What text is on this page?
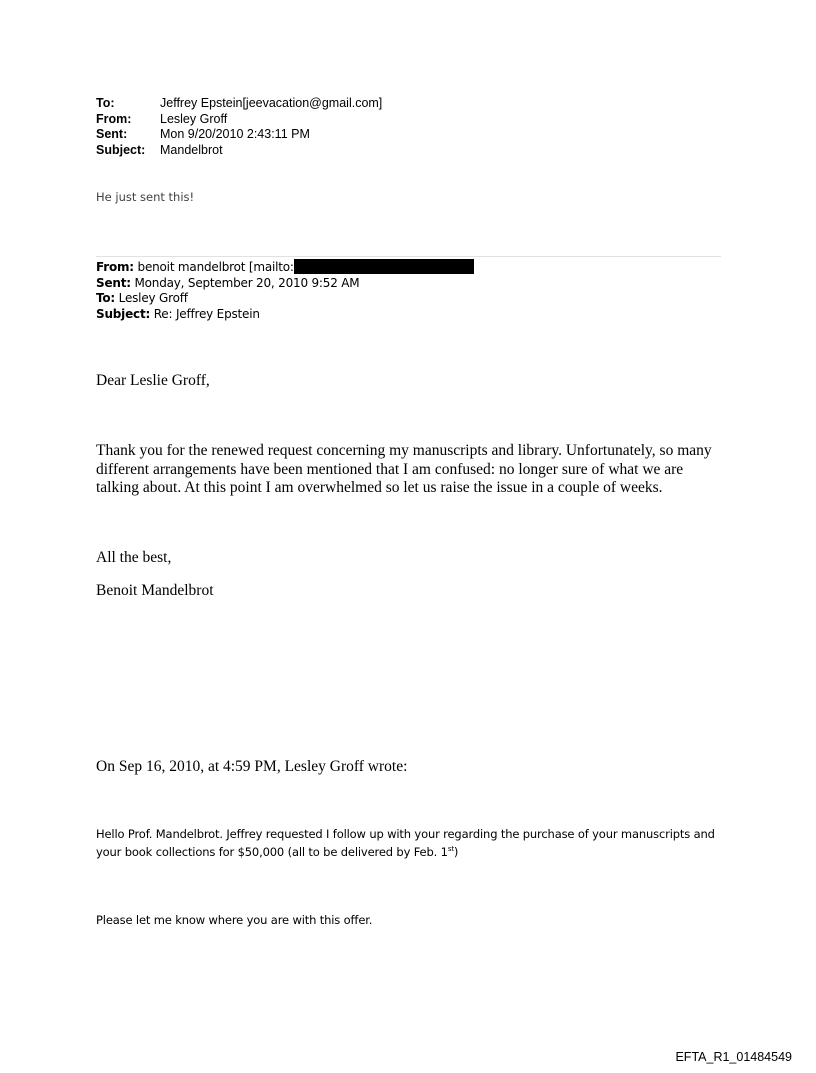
To:	Jeffrey Epstein[jeevacation@gmail.com]
From:	Lesley Groff
Sent:	Mon 9/20/2010 2:43:11 PM
Subject:	Mandelbrot
He just sent this!
From: benoit mandelbrot [mailto:
Sent: Monday, September 20, 2010 9:52 AM
To: Lesley Groff
Subject: Re: Jeffrey Epstein
Dear Leslie Groff,
Thank you for the renewed request concerning my manuscripts and library. Unfortunately, so many different arrangements have been mentioned that I am confused: no longer sure of what we are talking about. At this point I am overwhelmed so let us raise the issue in a couple of weeks.
All the best,
Benoit Mandelbrot
On Sep 16, 2010, at 4:59 PM, Lesley Groff wrote:
Hello Prof. Mandelbrot. Jeffrey requested I follow up with your regarding the purchase of your manuscripts and your book collections for $50,000 (all to be delivered by Feb. 1st)
Please let me know where you are with this offer.
EFTA_R1_01484549
